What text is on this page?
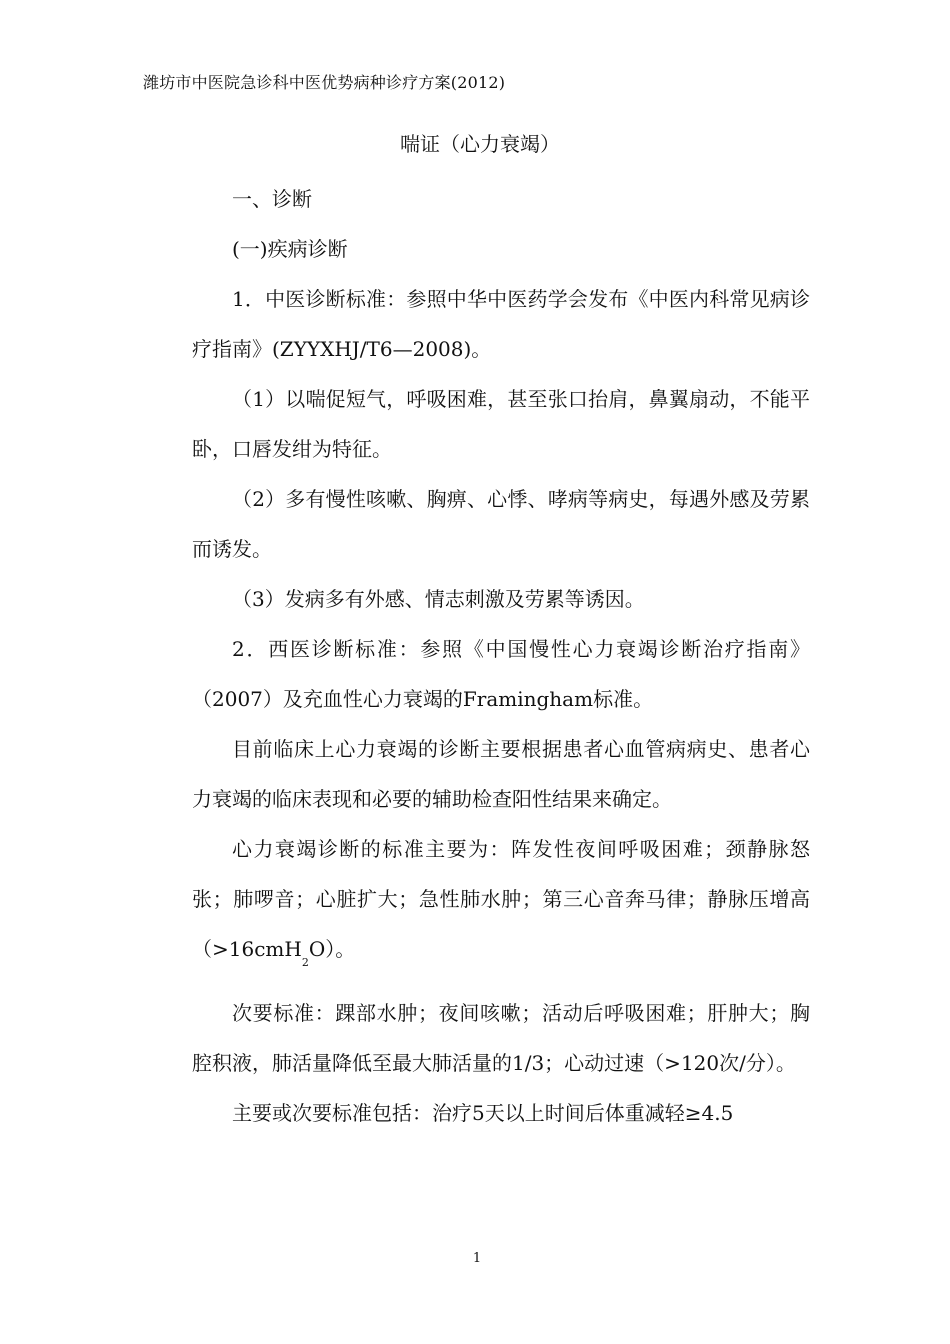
潍坊市中医院急诊科中医优势病种诊疗方案(2012)
喘证（心力衰竭）

一、诊断

(一)疾病诊断

1．中医诊断标准：参照中华中医药学会发布《中医内科常见病诊疗指南》(ZYYXHJ/T6—2008)。

（1）以喘促短气，呼吸困难，甚至张口抬肩，鼻翼扇动，不能平卧，口唇发绀为特征。

（2）多有慢性咳嗽、胸痹、心悸、哮病等病史，每遇外感及劳累而诱发。

（3）发病多有外感、情志刺激及劳累等诱因。

2．西医诊断标准：参照《中国慢性心力衰竭诊断治疗指南》（2007）及充血性心力衰竭的Framingham标准。

目前临床上心力衰竭的诊断主要根据患者心血管病病史、患者心力衰竭的临床表现和必要的辅助检查阳性结果来确定。

心力衰竭诊断的标准主要为：阵发性夜间呼吸困难；颈静脉怒张；肺啰音；心脏扩大；急性肺水肿；第三心音奔马律；静脉压增高（>16cmH$_2$O）。

次要标准：踝部水肿；夜间咳嗽；活动后呼吸困难；肝肿大；胸腔积液，肺活量降低至最大肺活量的1/3；心动过速（>120次/分）。

主要或次要标准包括：治疗5天以上时间后体重减轻≥4.5

1
